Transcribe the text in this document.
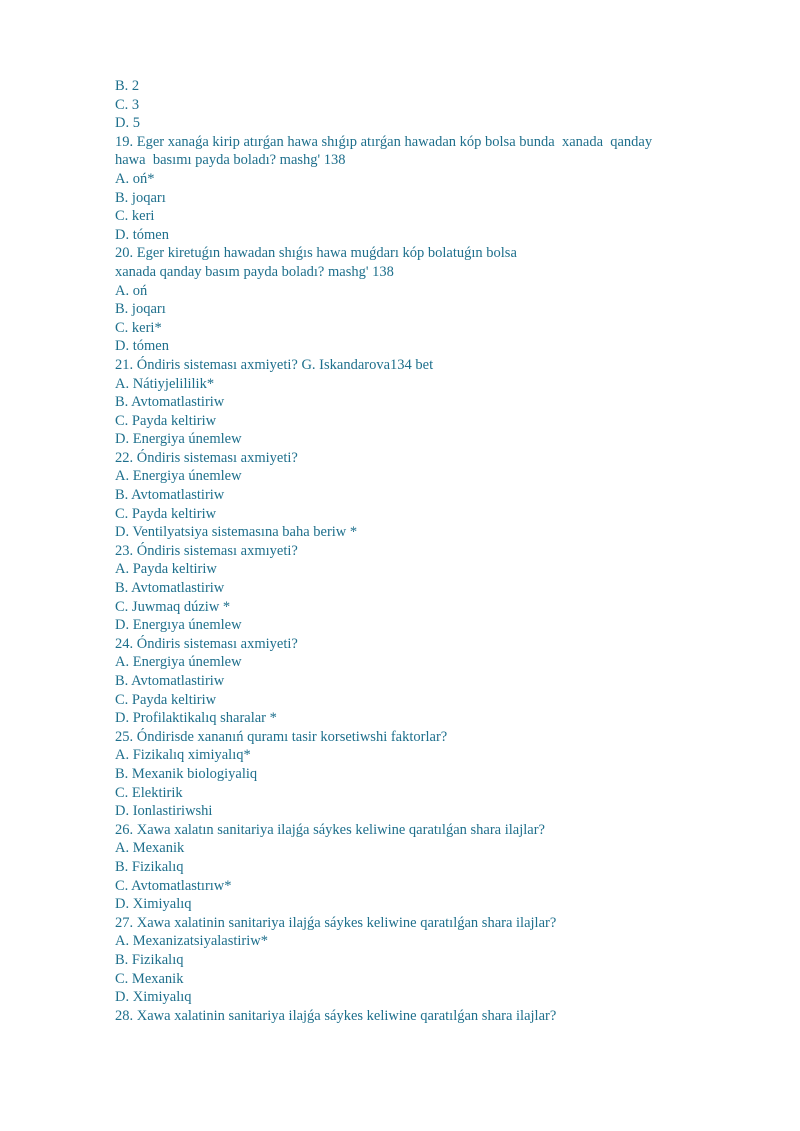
B. 2
C. 3
D. 5
19. Eger xanaǵa kirip atırǵan hawa shıǵıp atırǵan hawadan kóp bolsa bunda  xanada  qanday
hawa  basımı payda boladı? mashg' 138
A. oń*
B. joqarı
C. keri
D. tómen
20. Eger kiretuǵın hawadan shıǵıs hawa muǵdarı kóp bolatuǵın bolsa
xanada qanday basım payda boladı? mashg' 138
A. oń
B. joqarı
C. keri*
D. tómen
21. Óndiris sisteması axmiyeti? G. Iskandarova134 bet
A. Nátiyjelililik*
B. Avtomatlastiriw
C. Payda keltiriw
D. Energiya únemlew
22. Óndiris sisteması axmiyeti?
A. Energiya únemlew
B. Avtomatlastiriw
C. Payda keltiriw
D. Ventilyatsiya sistemasına baha beriw *
23. Óndiris sisteması axmıyeti?
A. Payda keltiriw
B. Avtomatlastiriw
C. Juwmaq dúziw *
D. Energıya únemlew
24. Óndiris sisteması axmiyeti?
A. Energiya únemlew
B. Avtomatlastiriw
C. Payda keltiriw
D. Profilaktikalıq sharalar *
25. Óndirisde xananıń quramı tasir korsetiwshi faktorlar?
A. Fizikalıq ximiyalıq*
B. Mexanik biologiyaliq
C. Elektirik
D. Ionlastiriwshi
26. Xawa xalatın sanitariya ilajǵa sáykes keliwine qaratılǵan shara ilajlar?
A. Mexanik
B. Fizikalıq
C. Avtomatlastırıw*
D. Ximiyalıq
27. Xawa xalatinin sanitariya ilajǵa sáykes keliwine qaratılǵan shara ilajlar?
A. Mexanizatsiyalastiriw*
B. Fizikalıq
C. Mexanik
D. Ximiyalıq
28. Xawa xalatinin sanitariya ilajǵa sáykes keliwine qaratılǵan shara ilajlar?
